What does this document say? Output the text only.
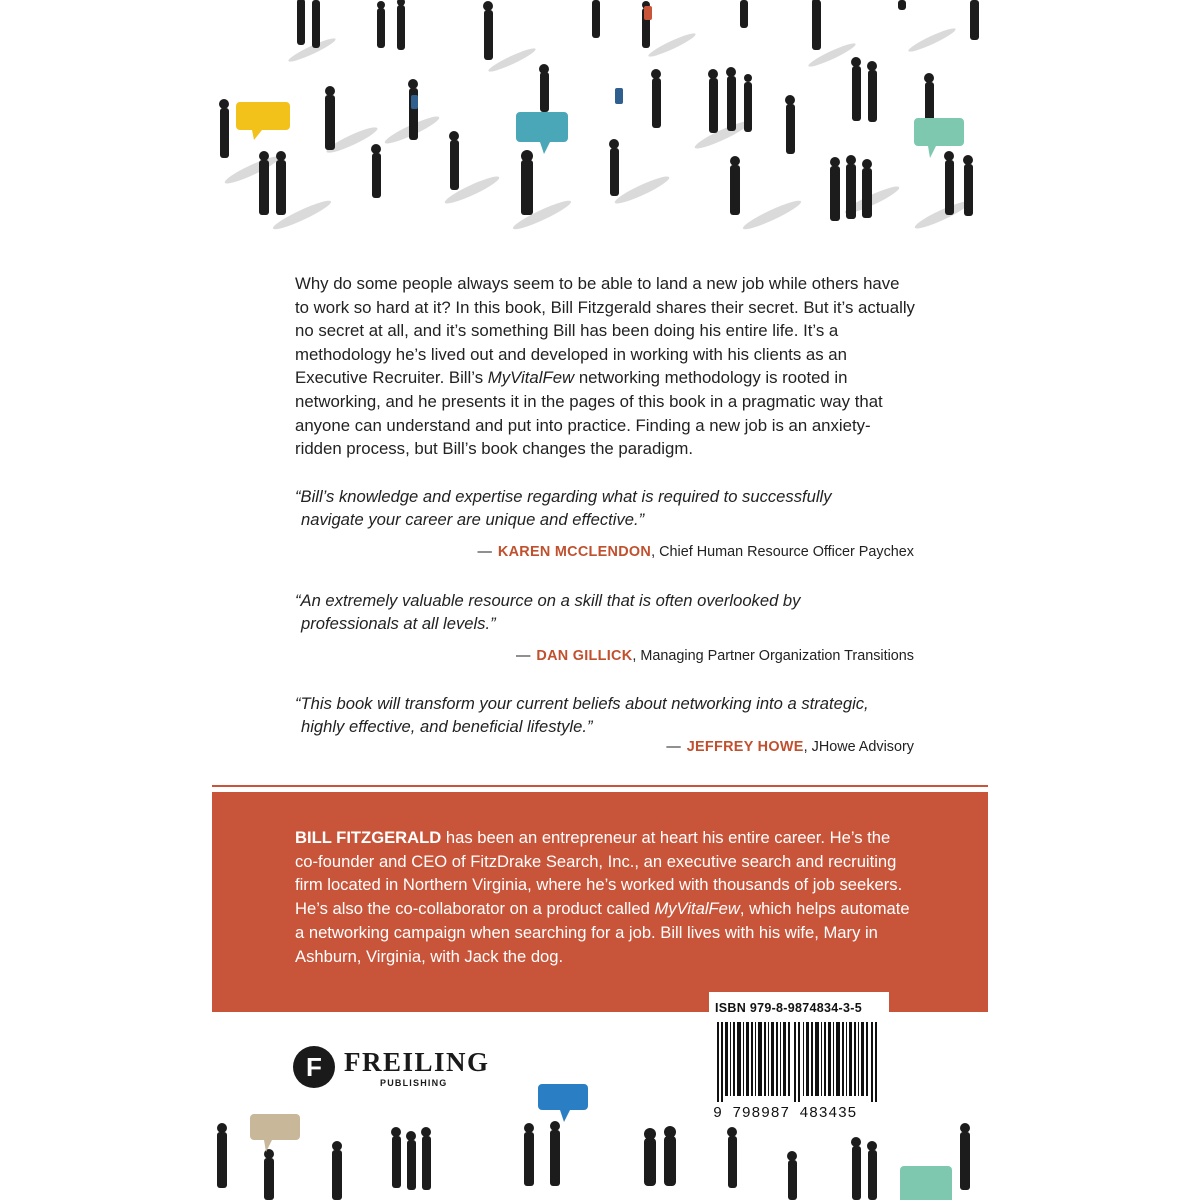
Why do some people always seem to be able to land a new job while others have to work so hard at it? In this book, Bill Fitzgerald shares their secret. But it’s actually no secret at all, and it’s something Bill has been doing his entire life. It’s a methodology he’s lived out and developed in working with his clients as an Executive Recruiter. Bill’s MyVitalFew networking methodology is rooted in networking, and he presents it in the pages of this book in a pragmatic way that anyone can understand and put into practice. Finding a new job is an anxiety-ridden process, but Bill’s book changes the paradigm.
“Bill’s knowledge and expertise regarding what is required to successfully
navigate your career are unique and effective.”
— KAREN MCCLENDON, Chief Human Resource Officer Paychex
“An extremely valuable resource on a skill that is often overlooked by
professionals at all levels.”
— DAN GILLICK, Managing Partner Organization Transitions
“This book will transform your current beliefs about networking into a strategic,
highly effective, and beneficial lifestyle.”
— JEFFREY HOWE, JHowe Advisory
BILL FITZGERALD has been an entrepreneur at heart his entire career. He’s the co-founder and CEO of FitzDrake Search, Inc., an executive search and recruiting firm located in Northern Virginia, where he’s worked with thousands of job seekers. He’s also the co-collaborator on a product called MyVitalFew, which helps automate a networking campaign when searching for a job. Bill lives with his wife, Mary in Ashburn, Virginia, with Jack the dog.
ISBN 979-8-9874834-3-5
9 798987 483435
F FREILING
PUBLISHING
